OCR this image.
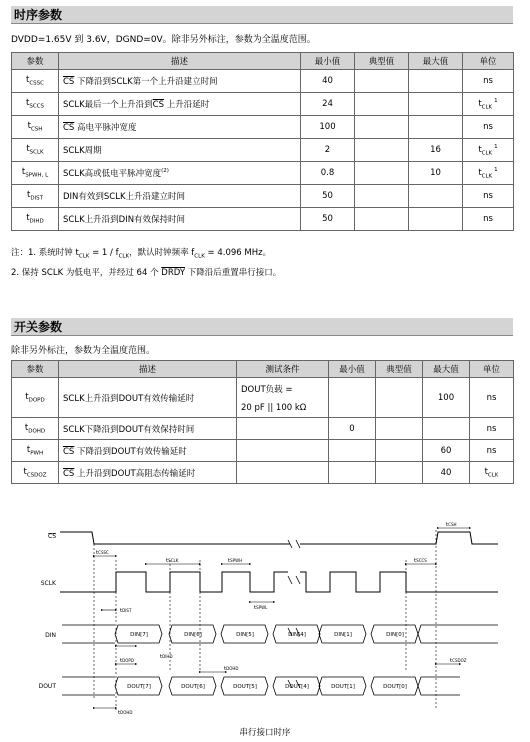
时序参数
DVDD=1.65V 到 3.6V，DGND=0V。除非另外标注，参数为全温度范围。
参数	描述	最小值	典型值	最大值	单位
$t_{CSSC}$	$\overline{CS}$ 下降沿到SCLK第一个上升沿建立时间	40			ns
$t_{SCCS}$	SCLK最后一个上升沿到$\overline{CS}$ 上升沿延时	24			$t_{CLK}^1$
$t_{CSH}$	$\overline{CS}$ 高电平脉冲宽度	100			ns
$t_{SCLK}$	SCLK周期	2		16	$t_{CLK}^1$
$t_{SPWH, L}$	SCLK高或低电平脉冲宽度$^{(2)}$	0.8		10	$t_{CLK}^1$
$t_{DIST}$	DIN有效到SCLK上升沿建立时间	50			ns
$t_{DIHD}$	SCLK上升沿到DIN有效保持时间	50			ns
注：1. 系统时钟 $t_{CLK} = 1 / f_{CLK}$，默认时钟频率 $f_{CLK} = 4.096$ MHz。
2. 保持 SCLK 为低电平，并经过 64 个 DRDY 下降沿后重置串行接口。
开关参数
除非另外标注，参数为全温度范围。
参数	描述	测试条件	最小值	典型值	最大值	单位
$t_{DOPD}$	SCLK上升沿到DOUT有效传输延时	DOUT负载 =
20 pF || 100 kΩ			100	ns
$t_{DOHD}$	SCLK下降沿到DOUT有效保持时间		0			ns
$t_{PWH}$	$\overline{CS}$ 下降沿到DOUT有效传输延时				60	ns
$t_{CSDOZ}$	$\overline{CS}$ 上升沿到DOUT高阻态传输延时				40	$t_{CLK}$
CS
SCLK
DIN
DOUT
DIN[7]	DIN[6]	DIN[5]	DIN[4]	DIN[1]	DIN[0]
DOUT[7]	DOUT[6]	DOUT[5]	DOUT[4]	DOUT[1]	DOUT[0]
tCSSC
tSCLK	tSPWH	tSCCS
tCSH
tSPWL
tDIST
tDIHD
tDOPD
tDOHD
tCSDOZ
tDOHD
串行接口时序
